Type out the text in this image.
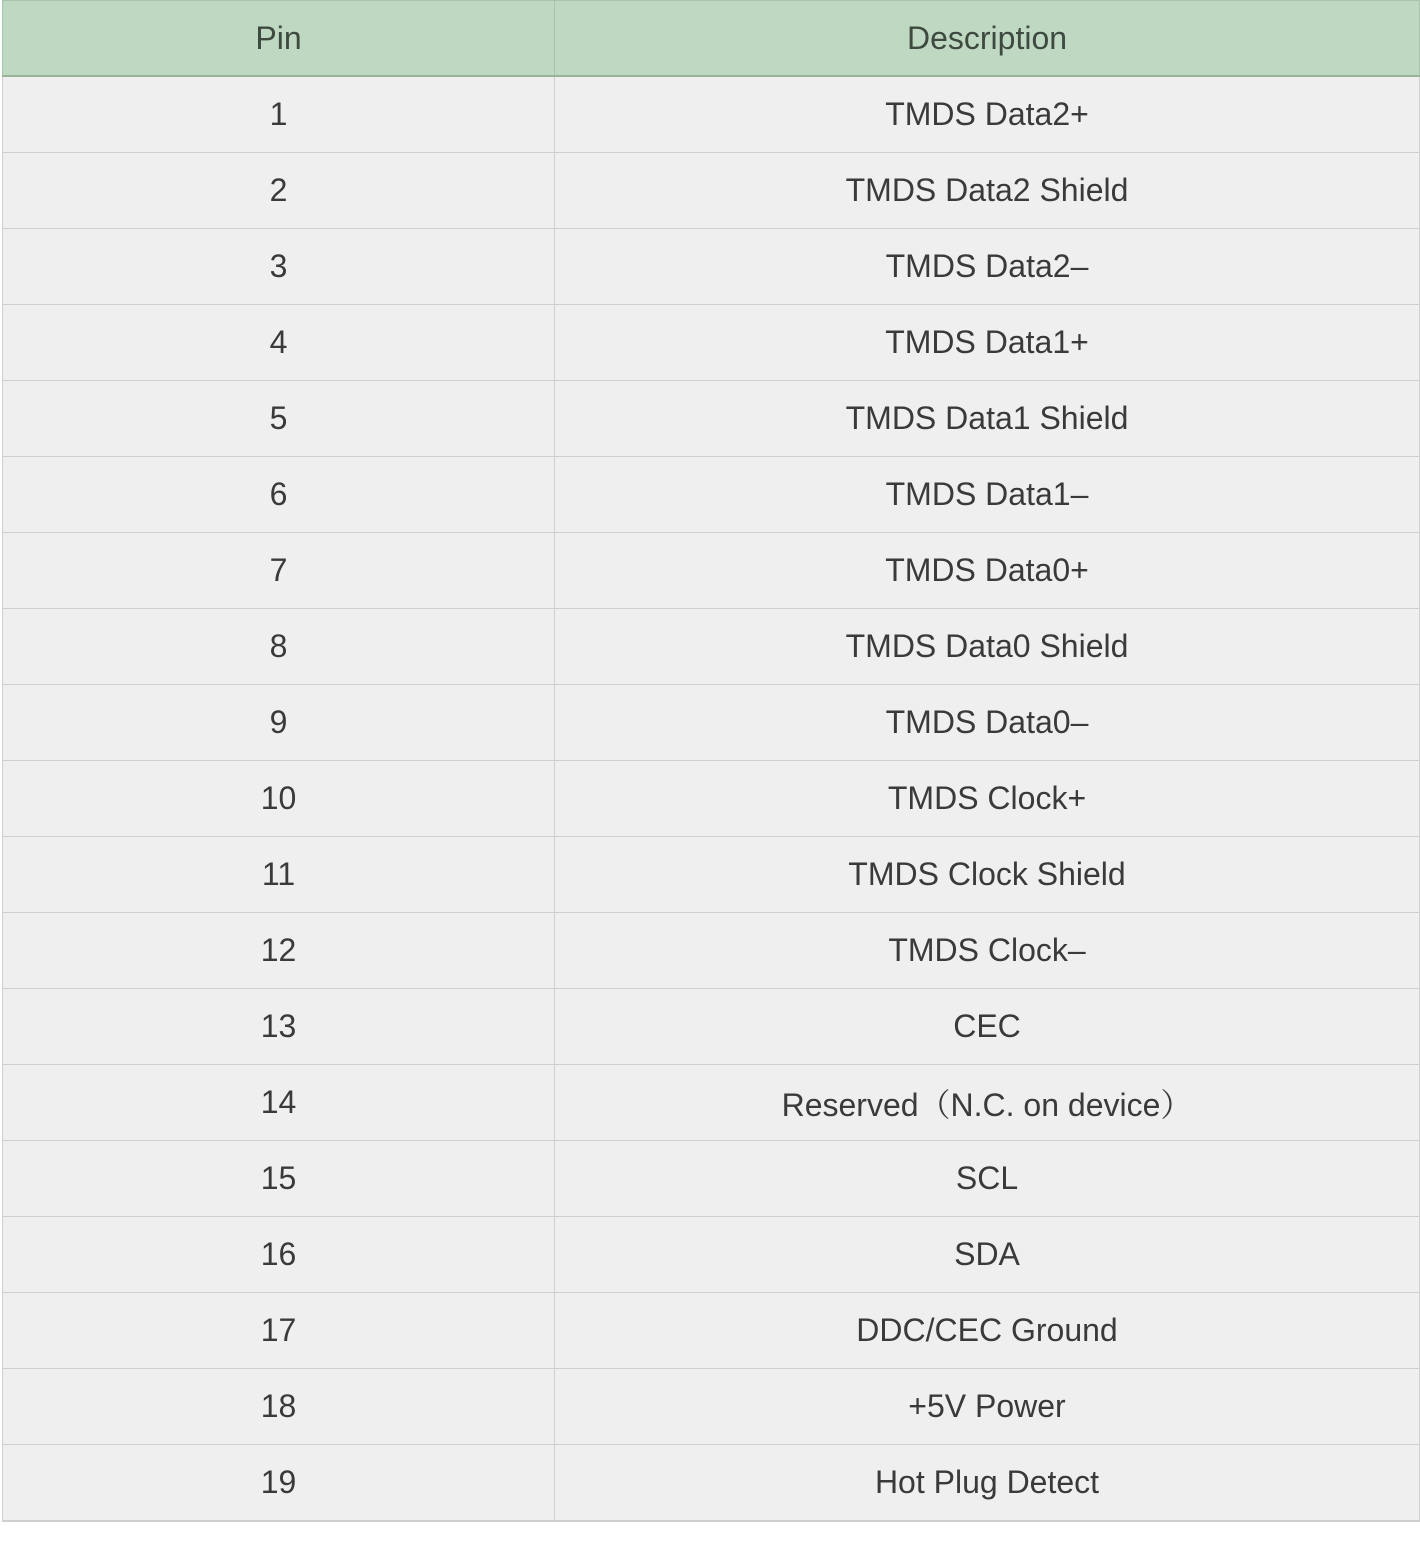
Pin	Description
1	TMDS Data2+
2	TMDS Data2 Shield
3	TMDS Data2–
4	TMDS Data1+
5	TMDS Data1 Shield
6	TMDS Data1–
7	TMDS Data0+
8	TMDS Data0 Shield
9	TMDS Data0–
10	TMDS Clock+
11	TMDS Clock Shield
12	TMDS Clock–
13	CEC
14	Reserved（N.C. on device）
15	SCL
16	SDA
17	DDC/CEC Ground
18	+5V Power
19	Hot Plug Detect
